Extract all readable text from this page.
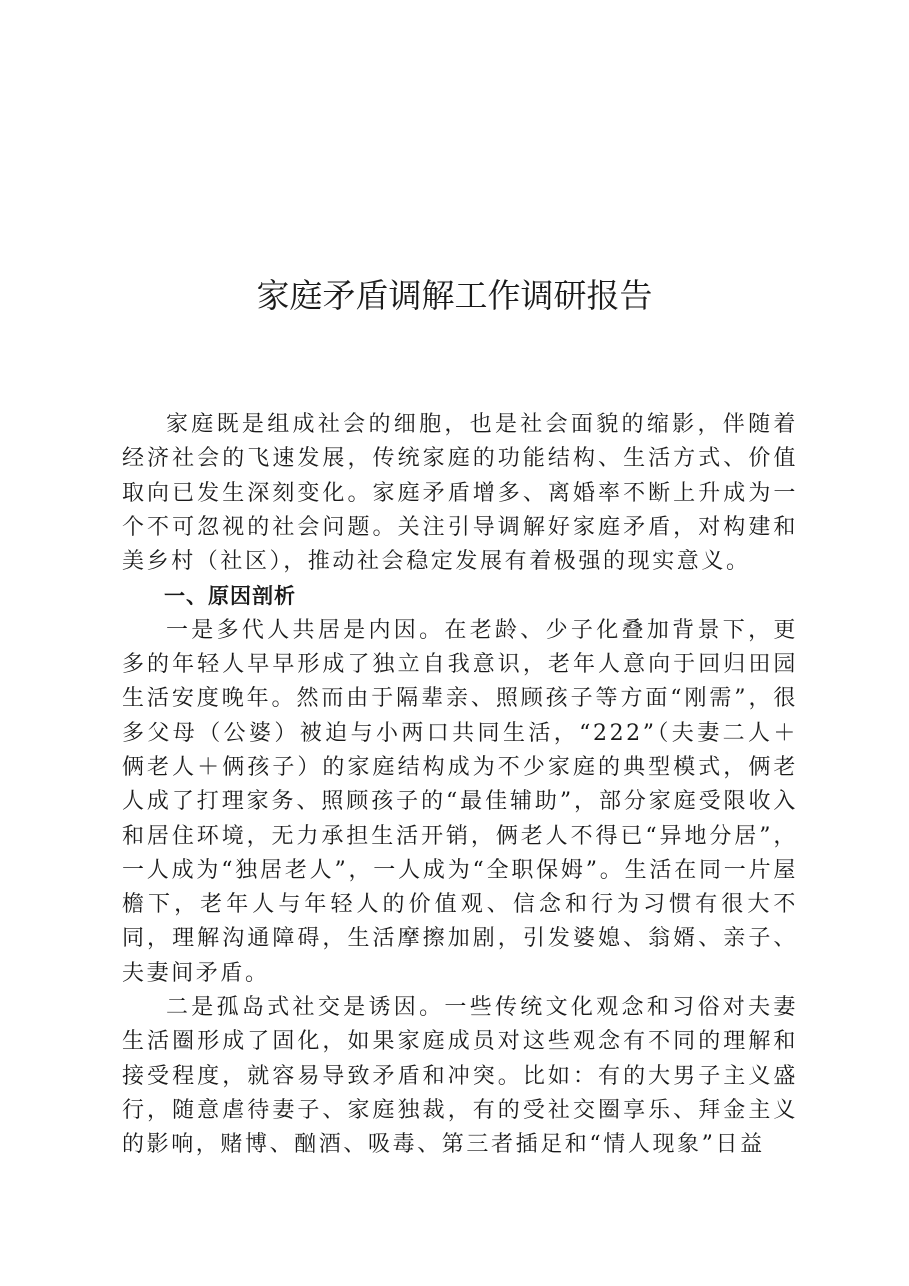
家庭矛盾调解工作调研报告

家庭既是组成社会的细胞，也是社会面貌的缩影，伴随着经济社会的飞速发展，传统家庭的功能结构、生活方式、价值取向已发生深刻变化。家庭矛盾增多、离婚率不断上升成为一个不可忽视的社会问题。关注引导调解好家庭矛盾，对构建和美乡村（社区），推动社会稳定发展有着极强的现实意义。

一、原因剖析

一是多代人共居是内因。在老龄、少子化叠加背景下，更多的年轻人早早形成了独立自我意识，老年人意向于回归田园生活安度晚年。然而由于隔辈亲、照顾孩子等方面“刚需”，很多父母（公婆）被迫与小两口共同生活，“222”（夫妻二人＋俩老人＋俩孩子）的家庭结构成为不少家庭的典型模式，俩老人成了打理家务、照顾孩子的“最佳辅助”，部分家庭受限收入和居住环境，无力承担生活开销，俩老人不得已“异地分居”，一人成为“独居老人”，一人成为“全职保姆”。生活在同一片屋檐下，老年人与年轻人的价值观、信念和行为习惯有很大不同，理解沟通障碍，生活摩擦加剧，引发婆媳、翁婿、亲子、夫妻间矛盾。

二是孤岛式社交是诱因。一些传统文化观念和习俗对夫妻生活圈形成了固化，如果家庭成员对这些观念有不同的理解和接受程度，就容易导致矛盾和冲突。比如：有的大男子主义盛行，随意虐待妻子、家庭独裁，有的受社交圈享乐、拜金主义的影响，赌博、酗酒、吸毒、第三者插足和“情人现象”日益
